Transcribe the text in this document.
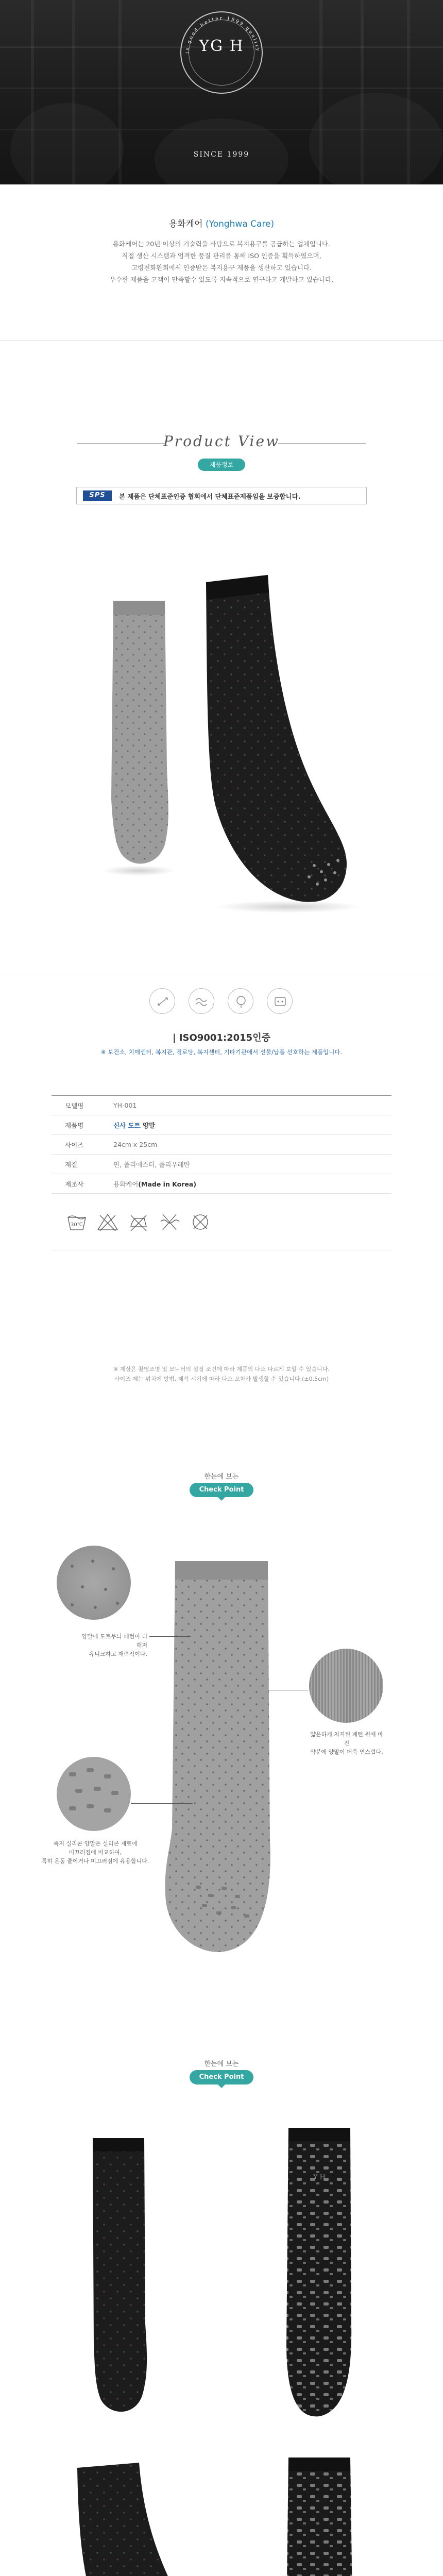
is good better 1999 quality
YG H
SINCE 1999
용화케어 (Yonghwa Care)
용화케어는 20년 이상의 기술력을 바탕으로 복지용구를 공급하는 업체입니다.
직접 생산 시스템과 엄격한 품질 관리를 통해 ISO 인증을 획득하였으며,
고령친화환회에서 인증받은 복지용구 제품을 생산하고 있습니다.
우수한 제품을 고객이 만족할수 있도록 지속적으로 연구하고 개발하고 있습니다.
Product View
제품정보
SPS	본 제품은 단체표준인증 협회에서 단체표준제품임을 보증합니다.
| ISO9001:2015인증
※ 보건소, 치매센터, 복지관, 경로당, 복지센터, 기타기관에서 선물/납품 선호하는 제품입니다.
모델명	YH-001
제품명	신사 도트 양말
사이즈	24cm x 25cm
재질	면, 폴리에스터, 폴리우레탄
제조사	용화케어(Made in Korea)
30℃
※ 제상은 촬영조명 및 모니터의 설정 조건에 따라 제품의 다소 다르게 보일 수 있습니다.
사이즈 제는 위치에 방법, 제작 시기에 따라 다소 오차가 발생할 수 있습니다.(±0.5cm)
한눈에 보는
Check Point
양말에 도트무늬 패턴이 더해져
유니크하고 재력적이다.
얇은하게 처지된 패턴 원에 마진
약분에 양말이 더욱 연스럽다.
족저 실리콘 양말은 실리콘 재료에
미끄러짐에 비교하여,
특히 운동 줄이거나 미끄러짐에 유용합니다.
한눈에 보는
Check Point
Y H
